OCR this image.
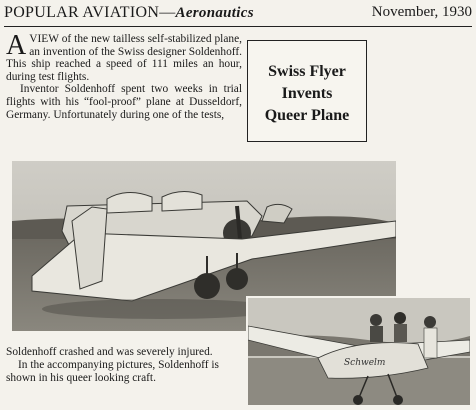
POPULAR AVIATION—Aeronautics	November, 1930

A VIEW of the new tailless self-stabilized plane, an invention of the Swiss designer Soldenhoff. This ship reached a speed of 111 miles an hour, during test flights.

Inventor Soldenhoff spent two weeks in trial flights with his “fool-proof” plane at Dusseldorf, Germany. Unfortunately during one of the tests,

Swiss Flyer
Invents
Queer Plane
Schwelm

Soldenhoff crashed and was severely injured.

In the accompanying pictures, Soldenhoff is shown in his queer looking craft.
